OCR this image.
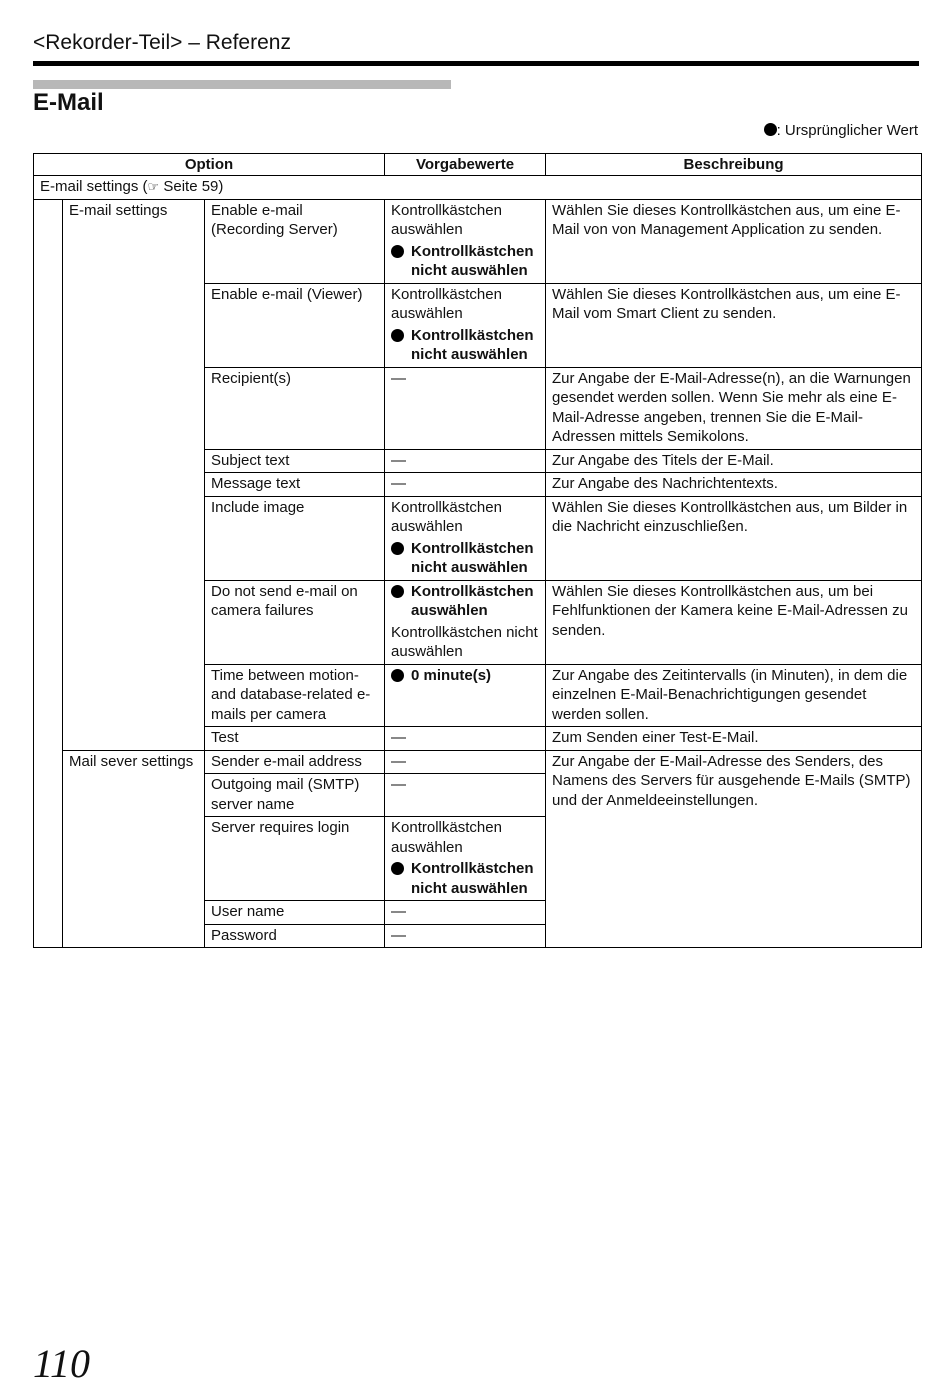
<Rekorder-Teil> – Referenz
E-Mail
: Ursprünglicher Wert
Option			Vorgabewerte	Beschreibung
E-mail settings (☞ Seite 59)				
	E-mail settings	Enable e-mail (Recording Server)	Kontrollkästchen auswählen
Kontrollkästchen nicht auswählen	Wählen Sie dieses Kontrollkästchen aus, um eine E-Mail von von Management Application zu senden.
		Enable e-mail (Viewer)	Kontrollkästchen auswählen
Kontrollkästchen nicht auswählen	Wählen Sie dieses Kontrollkästchen aus, um eine E-Mail vom Smart Client zu senden.
		Recipient(s)	—	Zur Angabe der E-Mail-Adresse(n), an die Warnungen gesendet werden sollen. Wenn Sie mehr als eine E-Mail-Adresse angeben, trennen Sie die E-Mail-Adressen mittels Semikolons.
		Subject text	—	Zur Angabe des Titels der E-Mail.
		Message text	—	Zur Angabe des Nachrichtentexts.
		Include image	Kontrollkästchen auswählen
Kontrollkästchen nicht auswählen	Wählen Sie dieses Kontrollkästchen aus, um Bilder in die Nachricht einzuschließen.
		Do not send e-mail on camera failures	Kontrollkästchen auswählen
Kontrollkästchen nicht auswählen	Wählen Sie dieses Kontrollkästchen aus, um bei Fehlfunktionen der Kamera keine E-Mail-Adressen zu senden.
		Time between motion-and database-related e-mails per camera	0 minute(s)	Zur Angabe des Zeitintervalls (in Minuten), in dem die einzelnen E-Mail-Benachrichtigungen gesendet werden sollen.
		Test	—	Zum Senden einer Test-E-Mail.
	Mail sever settings	Sender e-mail address	—	Zur Angabe der E-Mail-Adresse des Senders, des Namens des Servers für ausgehende E-Mails (SMTP) und der Anmeldeeinstellungen.
		Outgoing mail (SMTP) server name	—	
		Server requires login	Kontrollkästchen auswählen
Kontrollkästchen nicht auswählen	

		User name	—	
		Password	—	
110
